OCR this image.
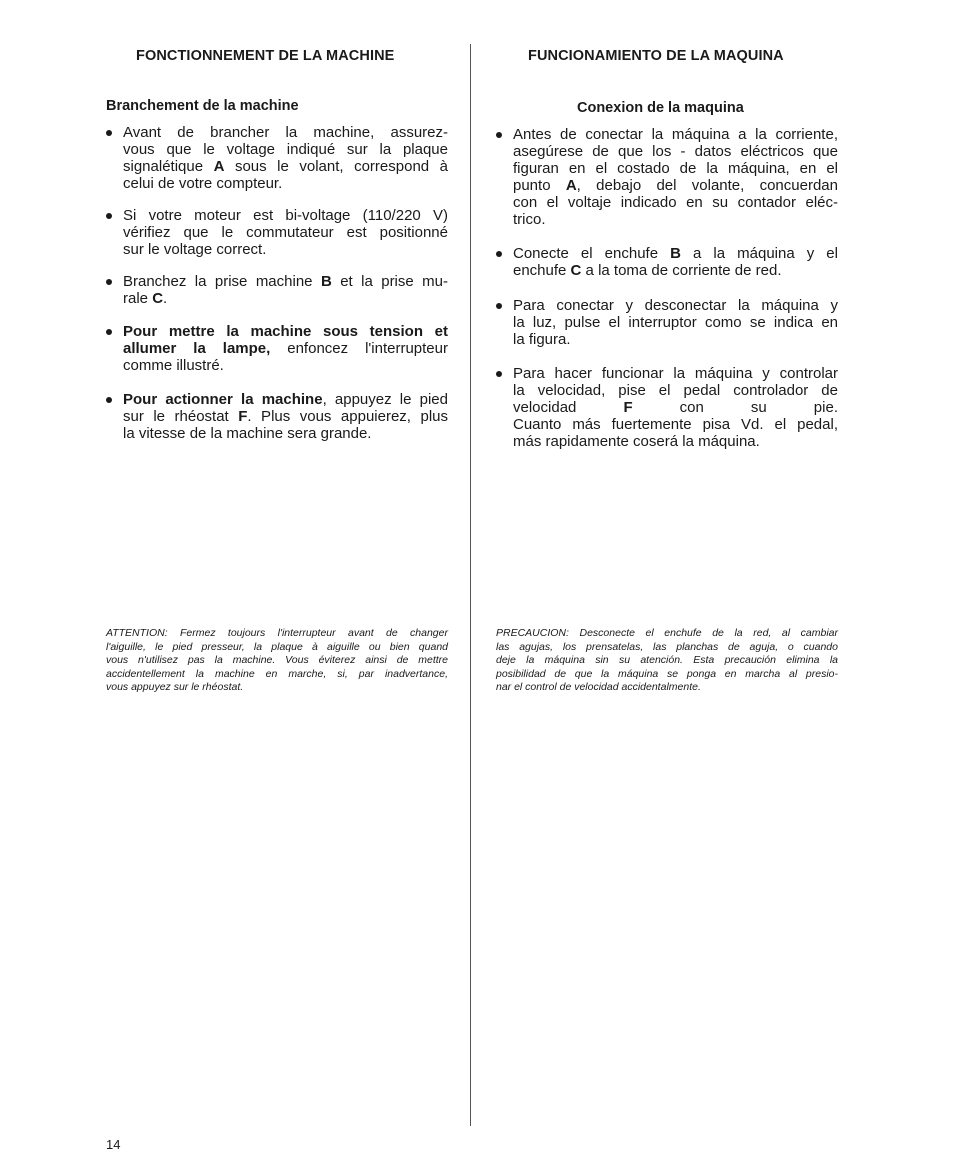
FONCTIONNEMENT DE LA MACHINE
Branchement de la machine
Avant de brancher la machine, assurez-
vous que le voltage indiqué sur la plaque
signalétique A sous le volant, correspond à
celui de votre compteur.
Si votre moteur est bi-voltage (110/220 V)
vérifiez que le commutateur est positionné
sur le voltage correct.
Branchez la prise machine B et la prise mu-
rale C.
Pour mettre la machine sous tension et
allumer la lampe, enfoncez l'interrupteur
comme illustré.
Pour actionner la machine, appuyez le pied
sur le rhéostat F. Plus vous appuierez, plus
la vitesse de la machine sera grande.
ATTENTION: Fermez toujours l'interrupteur avant de changer
l'aiguille, le pied presseur, la plaque à aiguille ou bien quand
vous n'utilisez pas la machine. Vous éviterez ainsi de mettre
accidentellement la machine en marche, si, par inadvertance,
vous appuyez sur le rhéostat.
FUNCIONAMIENTO DE LA MAQUINA
Conexion de la maquina
Antes de conectar la máquina a la corriente,
asegúrese de que los - datos eléctricos que
figuran en el costado de la máquina, en el
punto A, debajo del volante, concuerdan
con el voltaje indicado en su contador eléc-
trico.
Conecte el enchufe B a la máquina y el
enchufe C a la toma de corriente de red.
Para conectar y desconectar la máquina y
la luz, pulse el interruptor como se indica en
la figura.
Para hacer funcionar la máquina y controlar
la velocidad, pise el pedal controlador de
velocidad F con su pie.
Cuanto más fuertemente pisa Vd. el pedal,
más rapidamente coserá la máquina.
PRECAUCION: Desconecte el enchufe de la red, al cambiar
las agujas, los prensatelas, las planchas de aguja, o cuando
deje la máquina sin su atención. Esta precaución elimina la
posibilidad de que la máquina se ponga en marcha al presio-
nar el control de velocidad accidentalmente.
14
